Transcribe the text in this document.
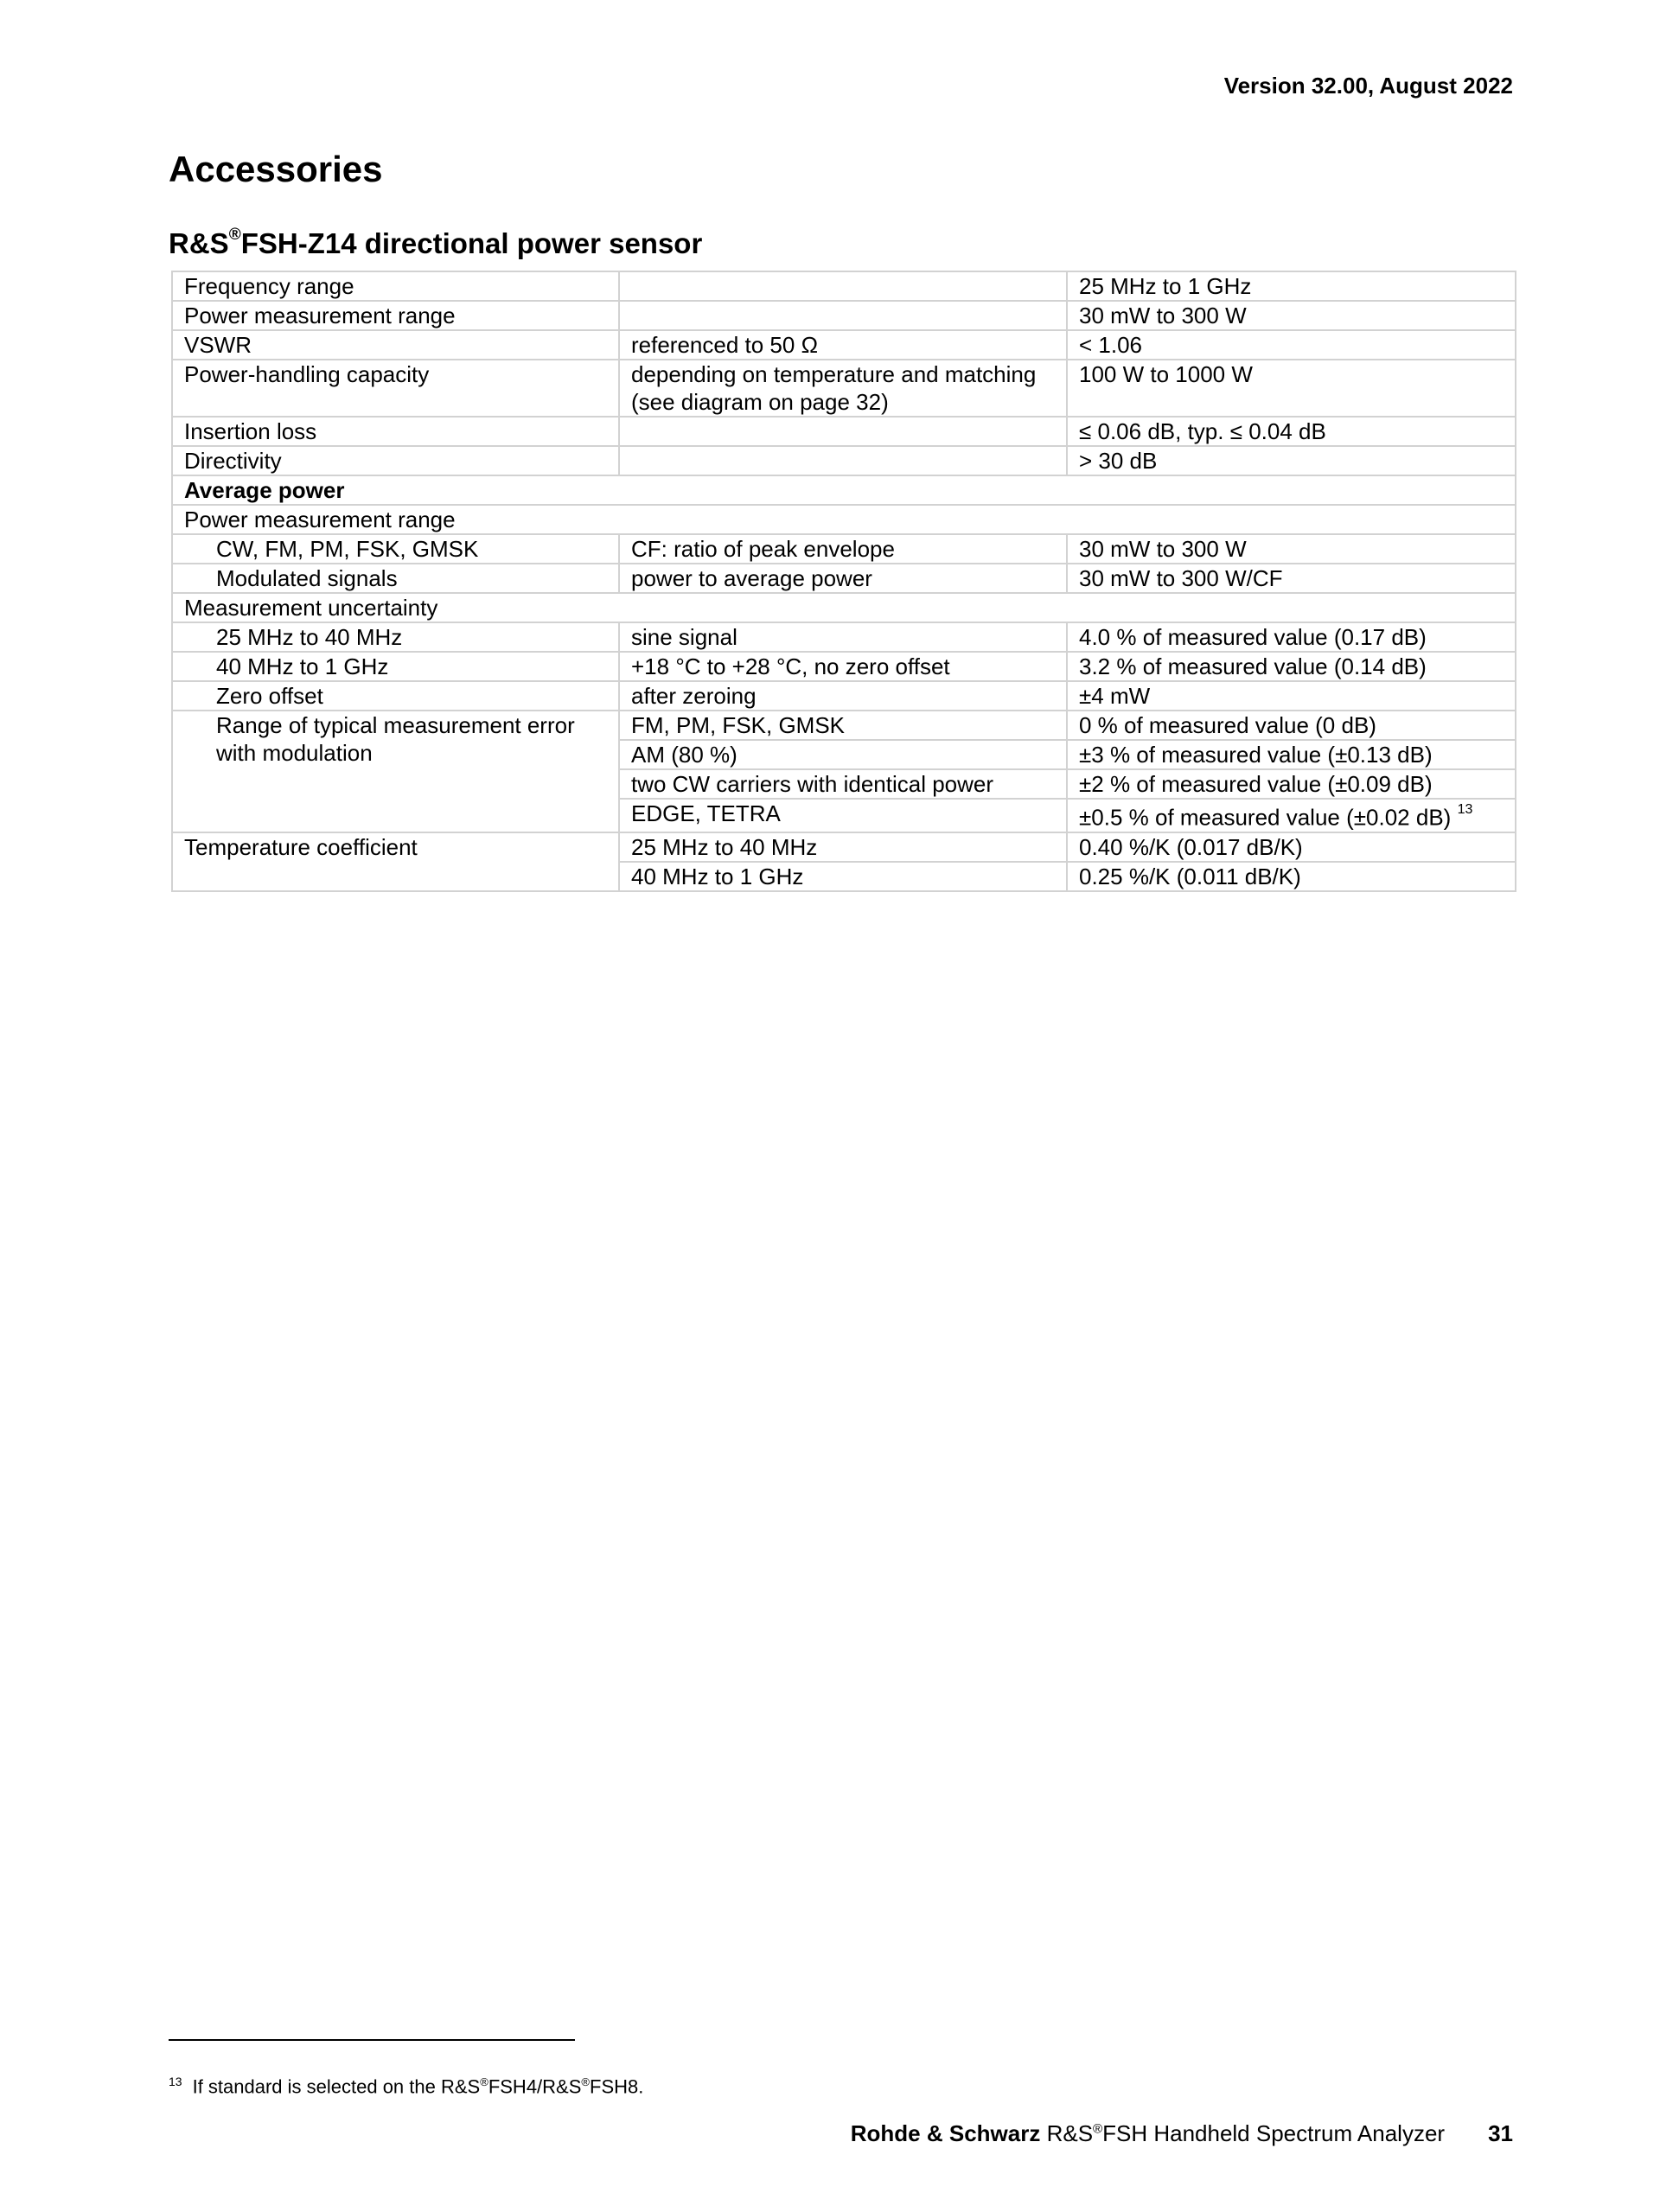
Version 32.00, August 2022
Accessories
R&S®FSH-Z14 directional power sensor
Frequency range		25 MHz to 1 GHz
Power measurement range		30 mW to 300 W
VSWR	referenced to 50 Ω	< 1.06
Power-handling capacity	depending on temperature and matching (see diagram on page 32)	100 W to 1000 W
Insertion loss		≤ 0.06 dB, typ. ≤ 0.04 dB
Directivity		> 30 dB
Average power		
Power measurement range		
CW, FM, PM, FSK, GMSK	CF: ratio of peak envelope	30 mW to 300 W
Modulated signals	power to average power	30 mW to 300 W/CF
Measurement uncertainty		
25 MHz to 40 MHz	sine signal	4.0 % of measured value (0.17 dB)
40 MHz to 1 GHz	+18 °C to +28 °C, no zero offset	3.2 % of measured value (0.14 dB)
Zero offset	after zeroing	±4 mW
Range of typical measurement error with modulation	FM, PM, FSK, GMSK	0 % of measured value (0 dB)
	AM (80 %)	±3 % of measured value (±0.13 dB)
	two CW carriers with identical power	±2 % of measured value (±0.09 dB)
	EDGE, TETRA	±0.5 % of measured value (±0.02 dB) $^{13}$
Temperature coefficient	25 MHz to 40 MHz	0.40 %/K (0.017 dB/K)
	40 MHz to 1 GHz	0.25 %/K (0.011 dB/K)
$^{13}$ If standard is selected on the R&S®FSH4/R&S®FSH8.
Rohde & Schwarz R&S®FSH Handheld Spectrum Analyzer 31
